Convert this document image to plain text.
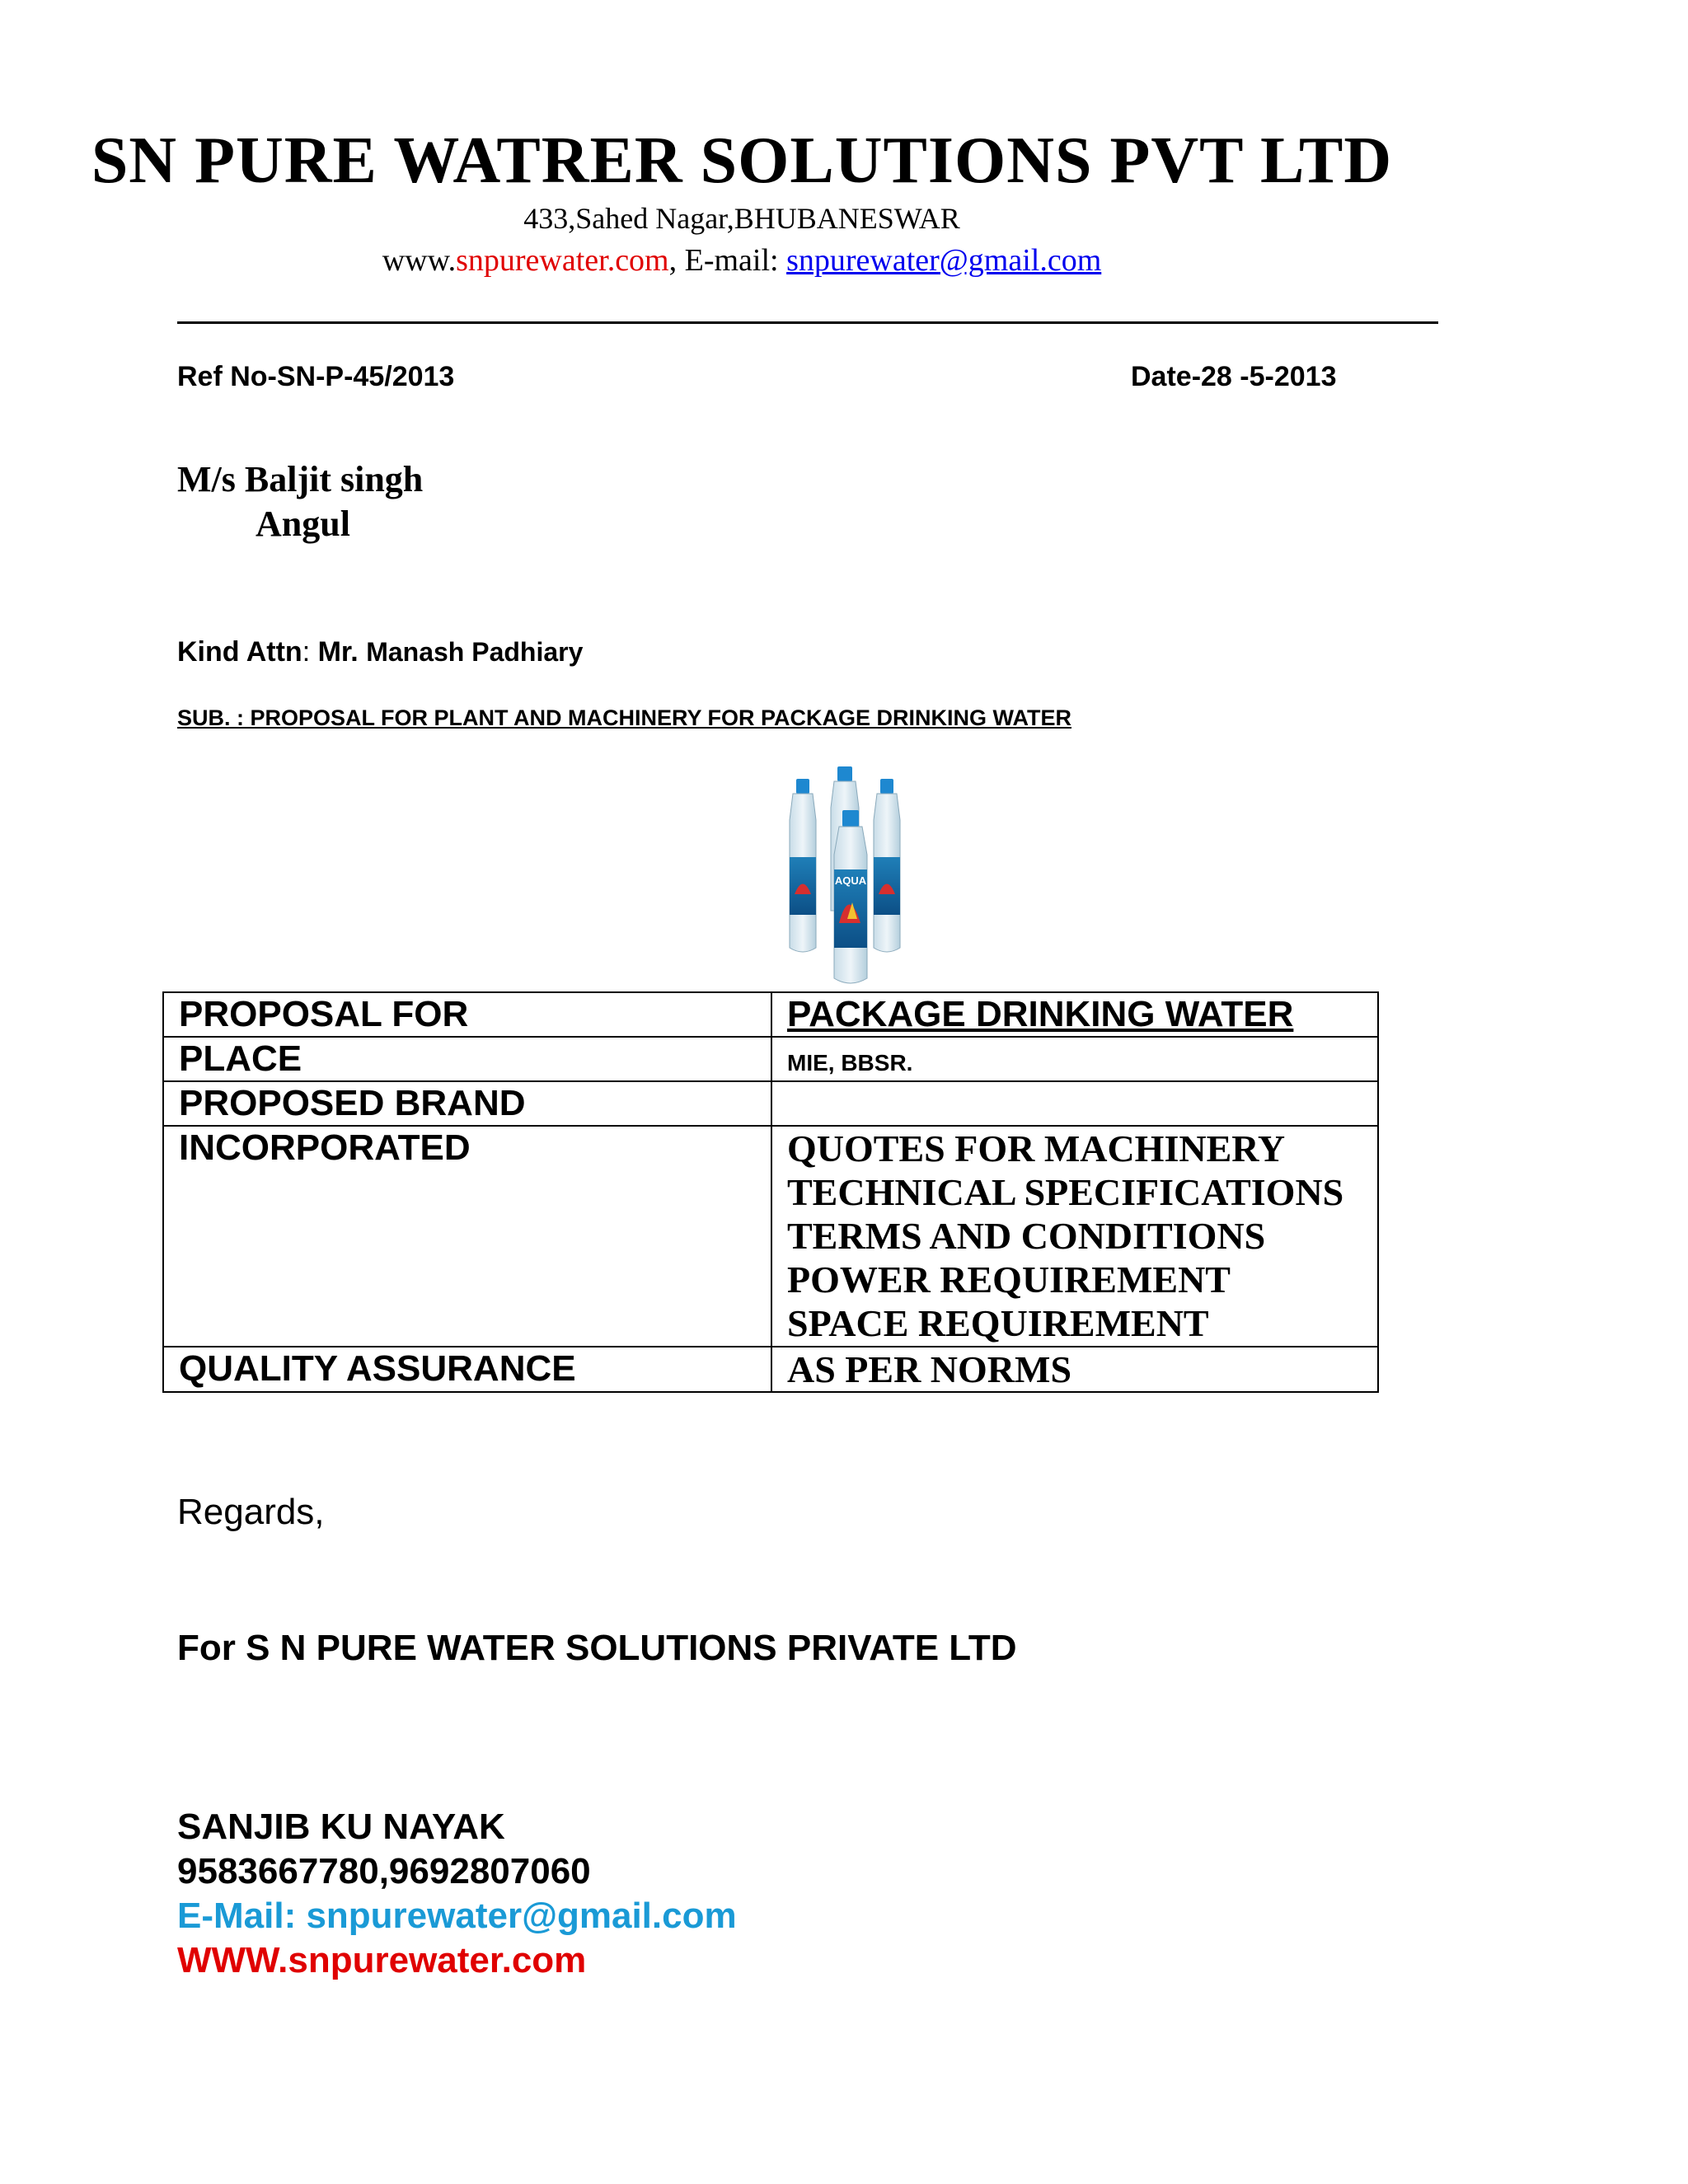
SN PURE WATRER SOLUTIONS PVT LTD
433,Sahed Nagar,BHUBANESWAR
www.snpurewater.com, E-mail: snpurewater@gmail.com
Ref No-SN-P-45/2013	Date-28 -5-2013
M/s Baljit singh
Angul
Kind Attn: Mr. Manash Padhiary
SUB. : PROPOSAL FOR PLANT AND MACHINERY FOR PACKAGE DRINKING WATER
AQUA
PROPOSAL FOR	PACKAGE DRINKING WATER
PLACE	MIE, BBSR.
PROPOSED BRAND	
INCORPORATED	QUOTES FOR MACHINERY
TECHNICAL SPECIFICATIONS
TERMS AND CONDITIONS
POWER REQUIREMENT
SPACE REQUIREMENT

QUALITY ASSURANCE	AS PER NORMS
Regards,
For S N PURE WATER SOLUTIONS PRIVATE LTD
SANJIB KU NAYAK
9583667780,9692807060
E-Mail: snpurewater@gmail.com
WWW.snpurewater.com
